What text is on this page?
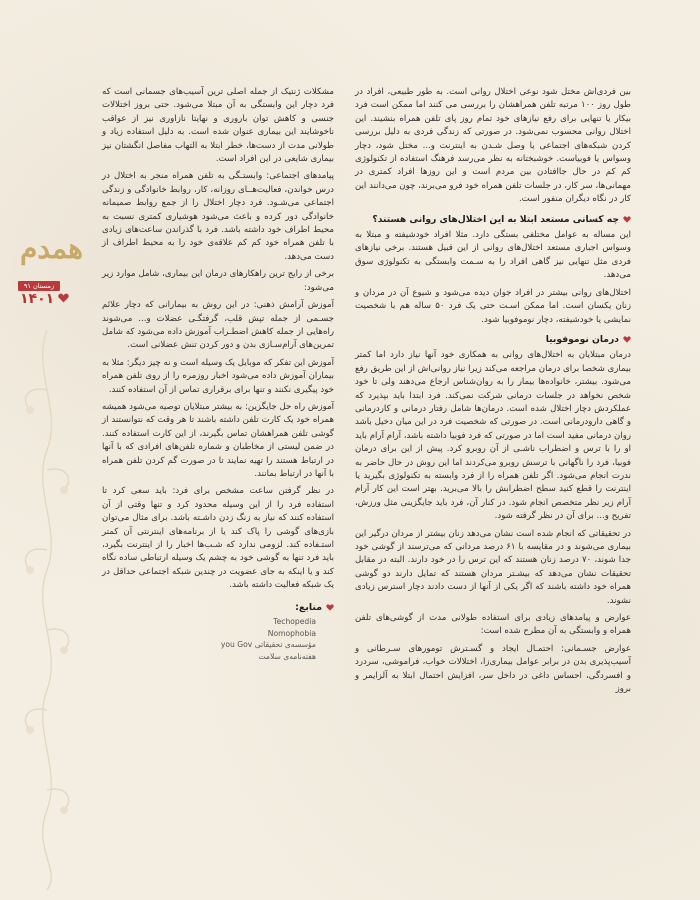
همدم
زمستان ۹۱
۱۴۰۱

بین فردی‌اش مختل شود نوعی اختلال روانی است. به طور طبیعی، افراد در طول روز ۱۰۰ مرتبه تلفن همراهشان را بررسی می کنند اما ممکن است فرد بیکار یا تنهایی برای رفع نیازهای خود تمام روز پای تلفن همراه بنشیند. این اختلال روانی محسوب نمی‌شود. در صورتی که زندگی فردی به دلیل بررسی کردن شبکه‌های اجتماعی یا وصل شـدن به اینترنت و... مختل شود، دچار وسواس یا فوبیاست. خوشبختانه به نظر می‌رسد فرهنگ استفاده از تکنولوژی کم کم در حال جاافتادن بین مردم است و این روزها افراد کمتری در مهمانی‌ها، سر کار، در جلسات تلفن همراه خود فرو می‌برند، چون می‌دانند این کار در نگاه دیگران منفور است.

چه کسانی مستعد ابتلا به این اختلال‌های روانی هستند؟

این مساله به عوامل مختلفی بستگی دارد. مثلا افراد خودشیفته و مبتلا به وسواس اجباری مستعد اختلال‌های روانی از این قبیل هستند. برخی نیازهای فردی مثل تنهایی نیز گاهی افراد را به سـمت وابستگی به تکنولوژی سوق می‌دهد.

اختلال‌های روانی بیشتر در افراد جوان دیده می‌شود و شیوع آن در مردان و زنان یکسان است. اما ممکن اسـت حتی یک فرد ۵۰ ساله هم با شخصیت نمایشی یا خودشیفته، دچار نوموفوبیا شود.

درمان نوموفوبیا

درمان مبتلایان به اختلال‌های روانی به همکاری خود آنها نیاز دارد اما کمتر بیماری شخصا برای درمان مراجعه می‌کند زیرا نیاز روانی‌اش از این طریق رفع می‌شود. بیشتر، خانواده‌ها بیمار را به روان‌شناس ارجاع می‌دهند ولی تا خود شخص نخواهد در جلسات درمانی شرکت نمی‌کند. فرد ابتدا باید بپذیرد که عملکردش دچار اختلال شده است. درمان‌ها شامل رفتار درمانی و کاردرمانی و گاهی دارودرمانی است. در صورتی که شخصیت فرد در این میان دخیل باشد روان درمانی مفید است اما در صورتی که فرد فوبیا داشته باشد، آرام آرام باید او را با ترس و اضطراب ناشـی از آن روبرو کرد. پیش از این برای درمان فوبیا، فرد را ناگهانی با ترسش روبرو می‌کردند اما این روش در حال حاضر به ندرت انجام می‌شود. اگر تلفن همراه را از فرد وابسته به تکنولوژی بگیرید یا اینترنت را قطع کنید سطح اضطرابش را بالا می‌برید. بهتر است این کار آرام آرام زیر نظر متخصص انجام شود. در کنار آن، فرد باید جایگزینی مثل ورزش، تفریح و... برای آن در نظر گرفته شود.

در تحقیقاتی که انجام شده است نشان می‌دهد زنان بیشتر از مردان درگیر این بیماری می‌شوند و در مقایسه با ۶۱ درصد مردانی که می‌ترسند از گوشی خود جدا شوند، ۷۰ درصد زنان هستند که این ترس را در خود دارند. البته در مقابل تحقیقات نشان می‌دهد که بیشـتر مردان هستند که تمایل دارند دو گوشی همراه خود داشته باشند که اگر یکی از آنها از دست دادند دچار استرس زیادی نشوند.

عوارض و پیامدهای زیادی برای استفاده طولانی مدت از گوشی‌های تلفن همراه و وابستگی به آن مطرح شده است:

عوارض جسـمانی: احتمـال ایجاد و گسـترش تومورهای سـرطانی و آسیب‌پذیری بدن در برابر عوامل بیماری‌زا، اختلالات خواب، فراموشی، سردرد و افسردگی، احساس داغی در داخل سر، افزایش احتمال ابتلا به آلزایمر و بروز

مشکلات ژنتیک از جمله اصلی ترین آسیب‌های جسمانی است که فرد دچار این وابستگی به آن مبتلا می‌شود. حتی بروز اختلالات جنسی و کاهش توان باروری و نهایتا نازاوری نیز از عواقب ناخوشایند این بیماری عنوان شده است. به دلیل استفاده زیاد و طولانی مدت از دست‌ها، خطر ابتلا به التهاب مفاصل انگشتان نیز بیماری شایعی در این افراد است.

پیامدهای اجتماعی: وابستـگی به تلفن همراه منجر به اختلال در درس خواندن، فعالیت‌هــای روزانه، کار، روابط خانوادگی و زندگی اجتماعی می‌شـود. فرد دچار اختلال را از جمع روابط صمیمانه خانوادگی دور کرده و باعث می‌شود هوشیاری کمتری نسبت به محیط اطراف خود داشته باشد. فرد با گذراندن ساعت‌های زیادی با تلفن همراه خود کم کم علاقه‌ی خود را به محیط اطراف از دست می‌دهد.

برخی از رایج ترین راهکارهای درمان این بیماری، شامل موارد زیر می‌شود:

آموزش آرامش ذهنی: در این روش به بیمارانی که دچار علائم جسـمی از جمله تپش قلب، گرفتگـی عضلات و... می‌شوند راه‌هایی از جمله کاهش اضطـراب آموزش داده می‌شود که شامل تمرین‌های آرام‌سـازی بدن و دور کردن تنش عضلانی است.

آموزش این تفکر که موبایل یک وسیله است و نه چیز دیگر: مثلا به بیماران آموزش داده می‌شود اخبار روزمره را از روی تلفن همراه خود پیگیری نکنند و تنها برای برقراری تماس از آن استفاده کنند.

آموزش راه حل جایگزین: به بیشتر مبتلایان توصیه می‌شود همیشه همراه خود یک کارت تلفن داشته باشند تا هر وقت که نتوانستند از گوشی تلفن همراهشان تماس بگیرند، از این کارت استفاده کنند. در ضمن لیستی از مخاطبان و شماره تلفن‌های افرادی که با آنها در ارتباط هستند را تهیه نمایند تا در صورت گم کردن تلفن همراه با آنها در ارتباط بمانند.

در نظر گرفتن ساعت مشخص برای فرد: باید سعی کرد تا استفاده فرد را از این وسیله محدود کرد و تنها وقتی از آن استفاده کنند که نیاز به زنگ زدن داشـته باشد. برای مثال می‌توان بازی‌های گوشی را پاک کند یا از برنامه‌های اینترنتی آن کمتر استـفاده کند. لزومی ندارد که شـب‌ها اخبار را از اینترنت بگیرد، باید فرد تنها به گوشی خود به چشم یک وسیله ارتباطی ساده نگاه کند و یا اینکه به جای عضویت در چندین شبکه اجتماعی حداقل در یک شبکه فعالیت داشته باشد.

منابع:
Techopedia
Nomophobia
مؤسسه‌ی تحقیقاتی you Gov
هفته‌نامه‌ی سلامت
